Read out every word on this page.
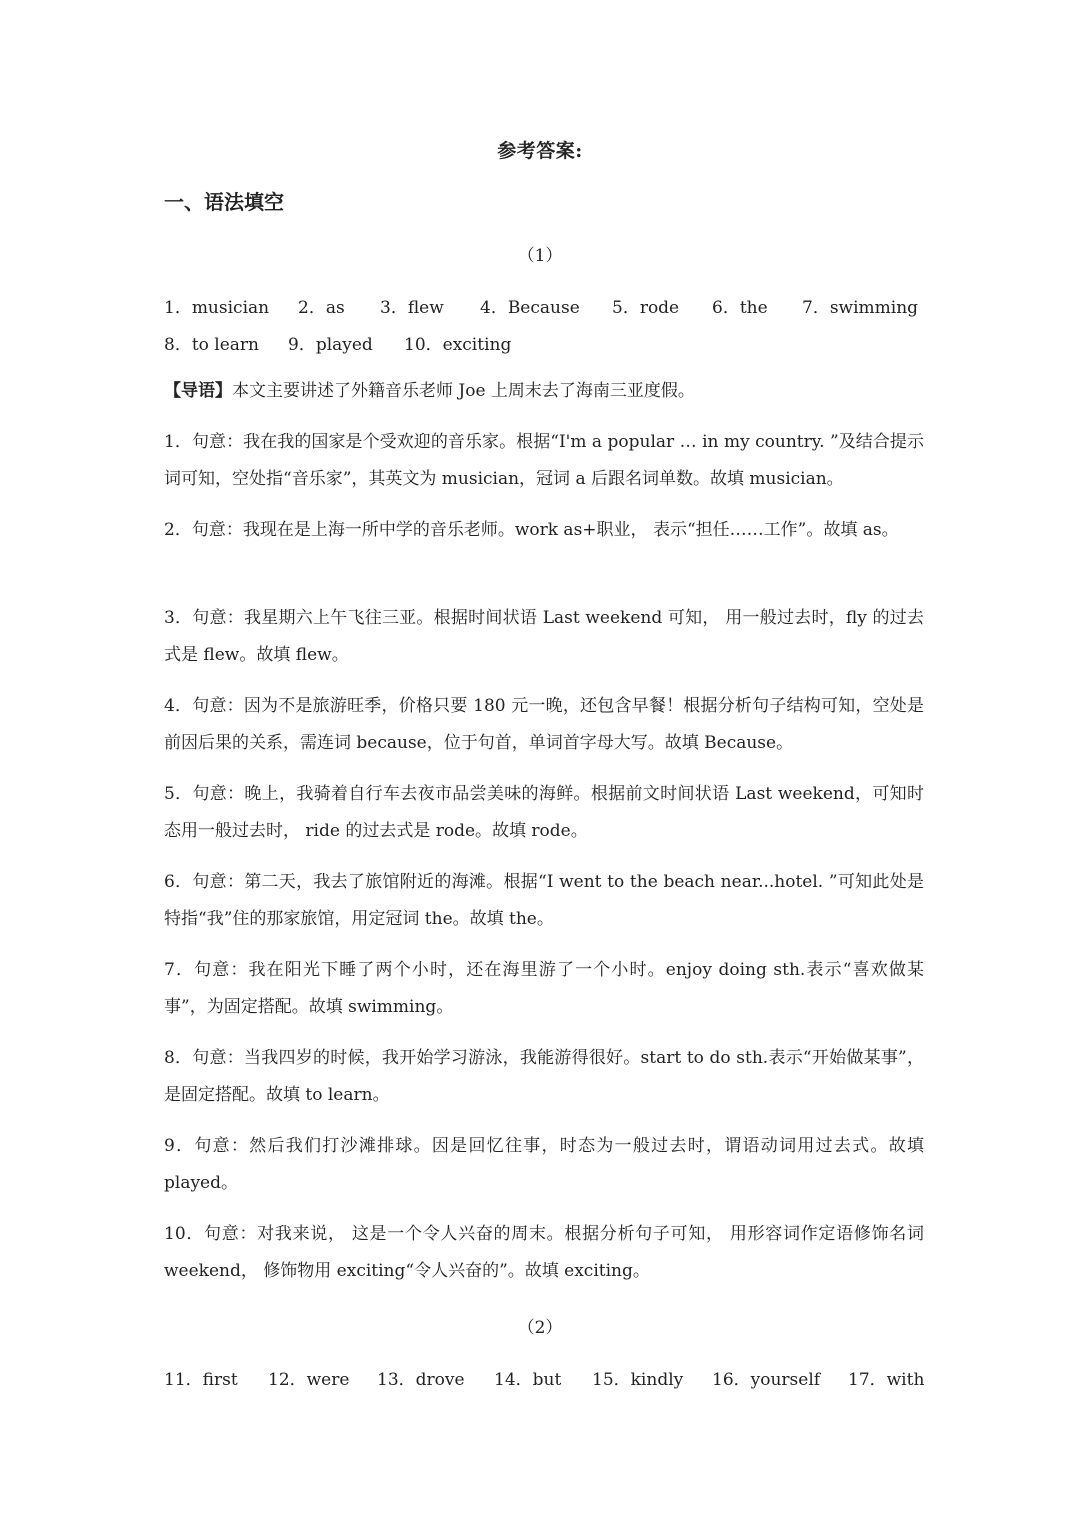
参考答案:
一、语法填空
（1）
1．musician 2．as 3．flew 4．Because 5．rode 6．the 7．swimming
8．to learn 9．played 10．exciting
【导语】本文主要讲述了外籍音乐老师 Joe 上周末去了海南三亚度假。
1．句意：我在我的国家是个受欢迎的音乐家。根据“I'm a popular … in my country. ”及结合提示词可知，空处指“音乐家”，其英文为 musician，冠词 a 后跟名词单数。故填 musician。
2．句意：我现在是上海一所中学的音乐老师。work as+职业， 表示“担任……工作”。故填 as。
3．句意：我星期六上午飞往三亚。根据时间状语 Last weekend 可知， 用一般过去时，fly 的过去式是 flew。故填 flew。
4．句意：因为不是旅游旺季，价格只要 180 元一晚，还包含早餐！根据分析句子结构可知，空处是前因后果的关系，需连词 because，位于句首，单词首字母大写。故填 Because。
5．句意：晚上，我骑着自行车去夜市品尝美味的海鲜。根据前文时间状语 Last weekend，可知时态用一般过去时， ride 的过去式是 rode。故填 rode。
6．句意：第二天，我去了旅馆附近的海滩。根据“I went to the beach near...hotel. ”可知此处是特指“我”住的那家旅馆，用定冠词 the。故填 the。
7．句意：我在阳光下睡了两个小时，还在海里游了一个小时。enjoy doing sth.表示“喜欢做某事”，为固定搭配。故填 swimming。
8．句意：当我四岁的时候，我开始学习游泳，我能游得很好。start to do sth.表示“开始做某事”，是固定搭配。故填 to learn。
9．句意：然后我们打沙滩排球。因是回忆往事，时态为一般过去时，谓语动词用过去式。故填 played。
10．句意：对我来说， 这是一个令人兴奋的周末。根据分析句子可知， 用形容词作定语修饰名词 weekend， 修饰物用 exciting“令人兴奋的”。故填 exciting。
（2）
11．first 12．were 13．drove 14．but 15．kindly 16．yourself 17．with
